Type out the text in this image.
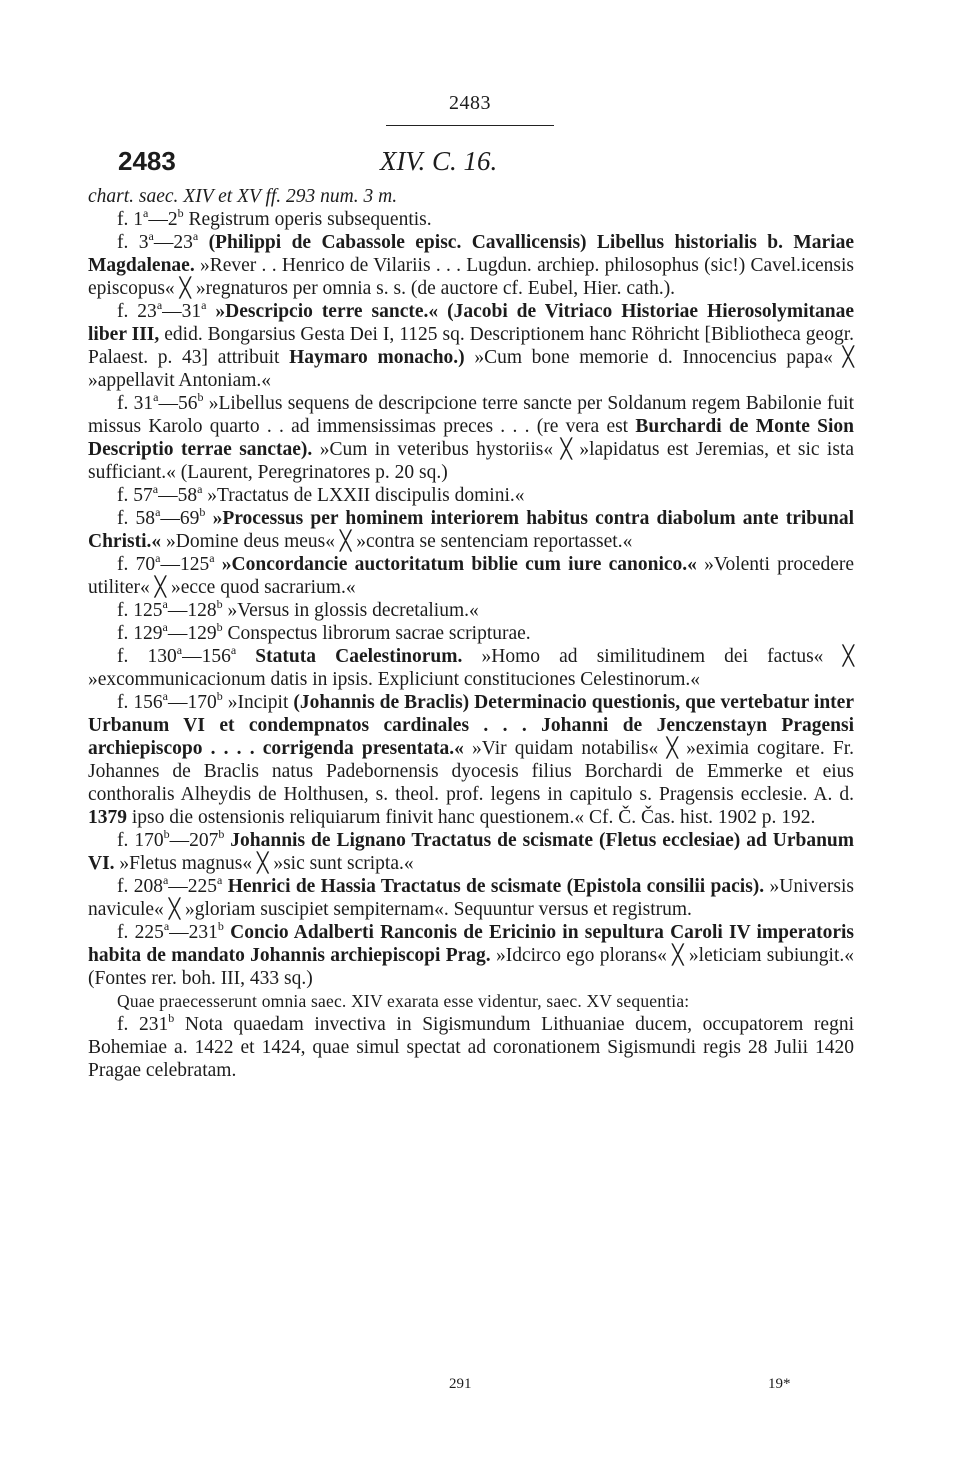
2483
2483	XIV. C. 16.

chart. saec. XIV et XV ff. 293 num. 3 m.

f. 1$^a$—2$^b$ Registrum operis subsequentis.

f. 3$^a$—23$^a$ (Philippi de Cabassole episc. Cavallicensis) Libellus historialis b. Mariae Magdalenae. »Rever . . Henrico de Vilariis . . . Lugdun. archiep. philosophus (sic!) Cavel.icensis episcopus« ╳ »regnaturos per omnia s. s. (de auctore cf. Eubel, Hier. cath.).

f. 23$^a$—31$^a$ »Descripcio terre sancte.« (Jacobi de Vitriaco Historiae Hierosolymitanae liber III, edid. Bongarsius Gesta Dei I, 1125 sq. Descriptionem hanc Röhricht [Bibliotheca geogr. Palaest. p. 43] attribuit Haymaro monacho.) »Cum bone memorie d. Innocencius papa« ╳ »appellavit Antoniam.«

f. 31$^a$—56$^b$ »Libellus sequens de descripcione terre sancte per Soldanum regem Babilonie fuit missus Karolo quarto . . ad immensissimas preces . . . (re vera est Burchardi de Monte Sion Descriptio terrae sanctae). »Cum in veteribus hystoriis« ╳ »lapidatus est Jeremias, et sic ista sufficiant.« (Laurent, Peregrinatores p. 20 sq.)

f. 57$^a$—58$^a$ »Tractatus de LXXII discipulis domini.«

f. 58$^a$—69$^b$ »Processus per hominem interiorem habitus contra diabolum ante tribunal Christi.« »Domine deus meus« ╳ »contra se sentenciam reportasset.«

f. 70$^a$—125$^a$ »Concordancie auctoritatum biblie cum iure canonico.« »Volenti procedere utiliter« ╳ »ecce quod sacrarium.«

f. 125$^a$—128$^b$ »Versus in glossis decretalium.«

f. 129$^a$—129$^b$ Conspectus librorum sacrae scripturae.

f. 130$^a$—156$^a$ Statuta Caelestinorum. »Homo ad similitudinem dei factus« ╳ »excommunicacionum datis in ipsis. Expliciunt constituciones Celestinorum.«

f. 156$^a$—170$^b$ »Incipit (Johannis de Braclis) Determinacio questionis, que vertebatur inter Urbanum VI et condempnatos cardinales . . . Johanni de Jenczenstayn Pragensi archiepiscopo . . . . corrigenda presentata.« »Vir quidam notabilis« ╳ »eximia cogitare. Fr. Johannes de Braclis natus Padebornensis dyocesis filius Borchardi de Emmerke et eius conthoralis Alheydis de Holthusen, s. theol. prof. legens in capitulo s. Pragensis ecclesie. A. d. 1379 ipso die ostensionis reliquiarum finivit hanc questionem.« Cf. Č. Čas. hist. 1902 p. 192.

f. 170$^b$—207$^b$ Johannis de Lignano Tractatus de scismate (Fletus ecclesiae) ad Urbanum VI. »Fletus magnus« ╳ »sic sunt scripta.«

f. 208$^a$—225$^a$ Henrici de Hassia Tractatus de scismate (Epistola consilii pacis). »Universis navicule« ╳ »gloriam suscipiet sempiternam«. Sequuntur versus et registrum.

f. 225$^a$—231$^b$ Concio Adalberti Ranconis de Ericinio in sepultura Caroli IV imperatoris habita de mandato Johannis archiepiscopi Prag. »Idcirco ego plorans« ╳ »leticiam subiungit.« (Fontes rer. boh. III, 433 sq.)

Quae praecesserunt omnia saec. XIV exarata esse videntur, saec. XV sequentia:

f. 231$^b$ Nota quaedam invectiva in Sigismundum Lithuaniae ducem, occupatorem regni Bohemiae a. 1422 et 1424, quae simul spectat ad coronationem Sigismundi regis 28 Julii 1420 Pragae celebratam.

291	19*
